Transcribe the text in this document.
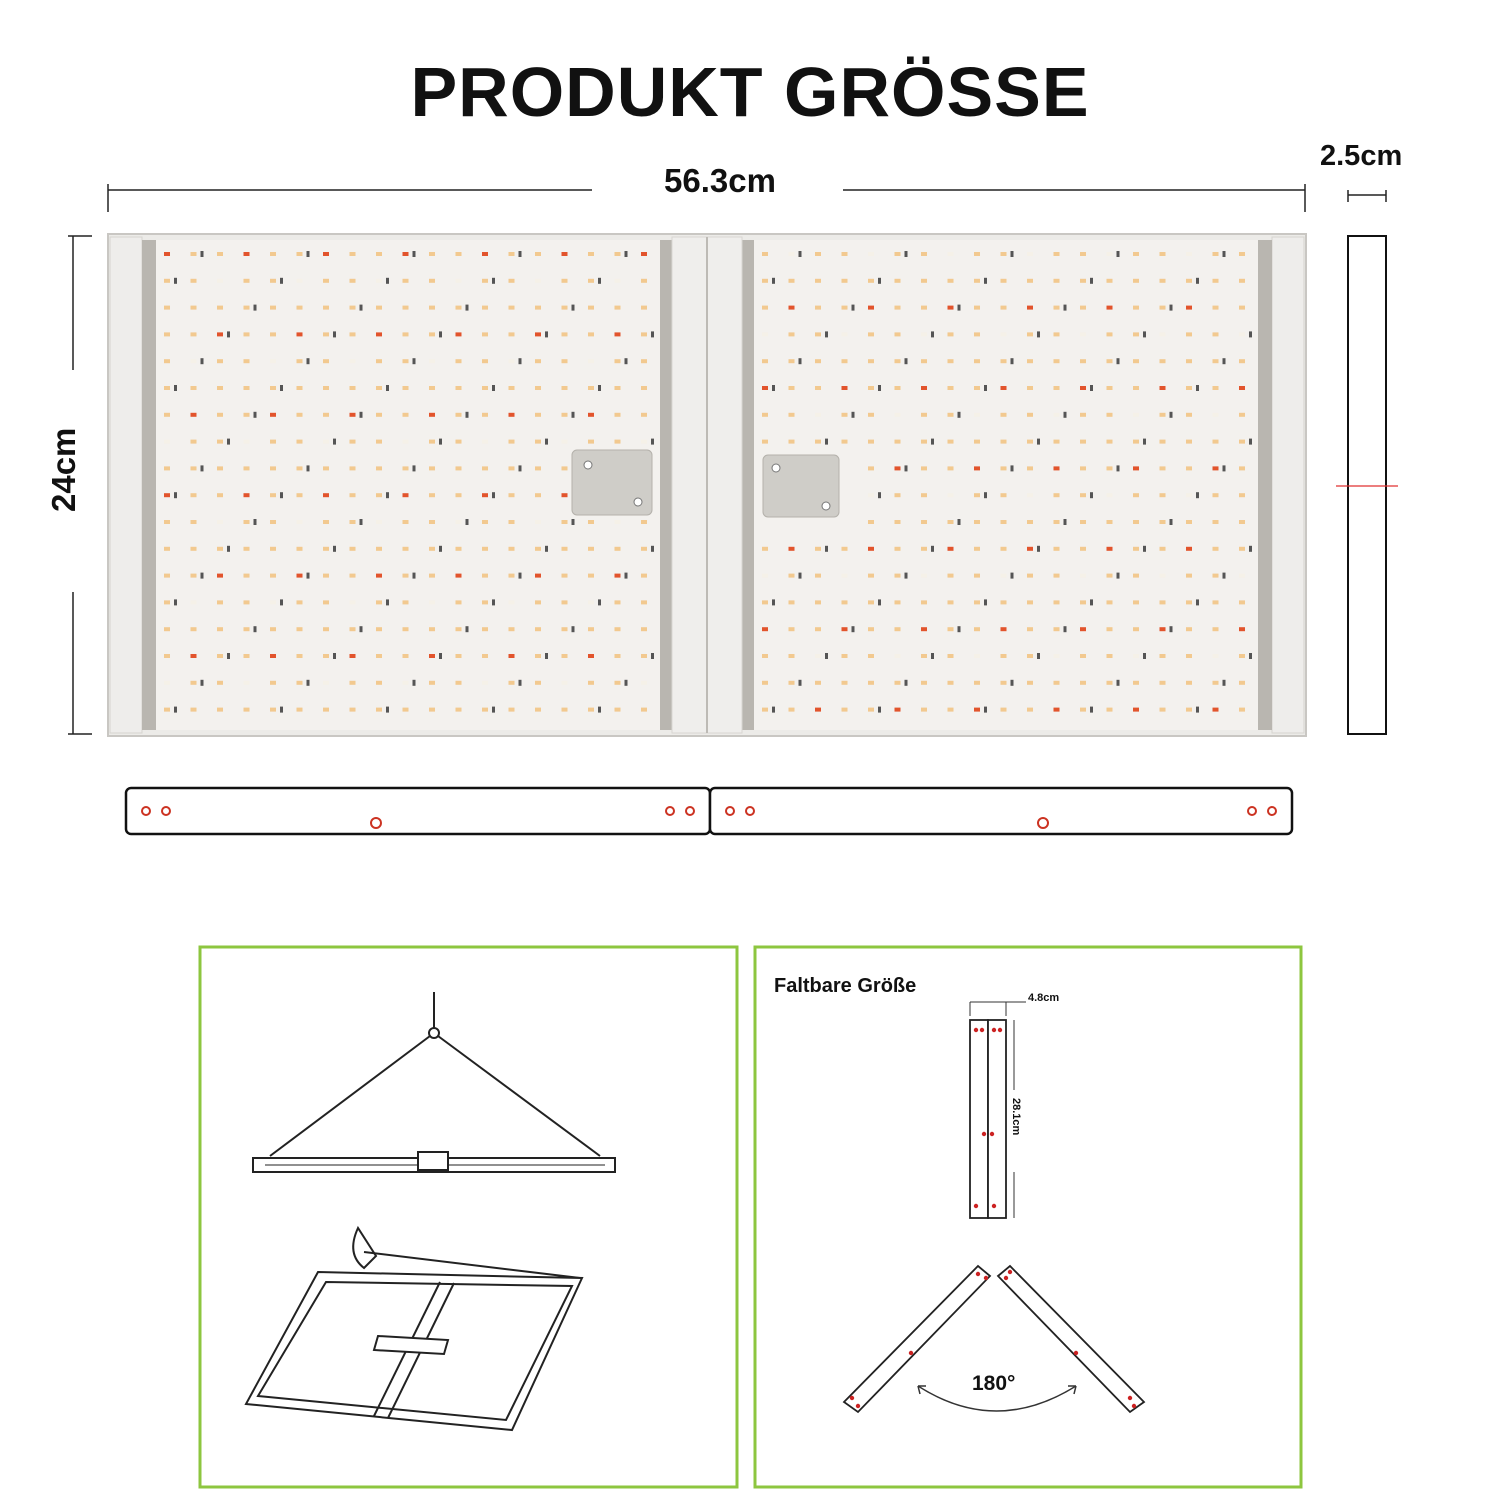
PRODUKT GRÖSSE
56.3cm
2.5cm
24cm
Faltbare Größe
4.8cm
28.1cm
180°
